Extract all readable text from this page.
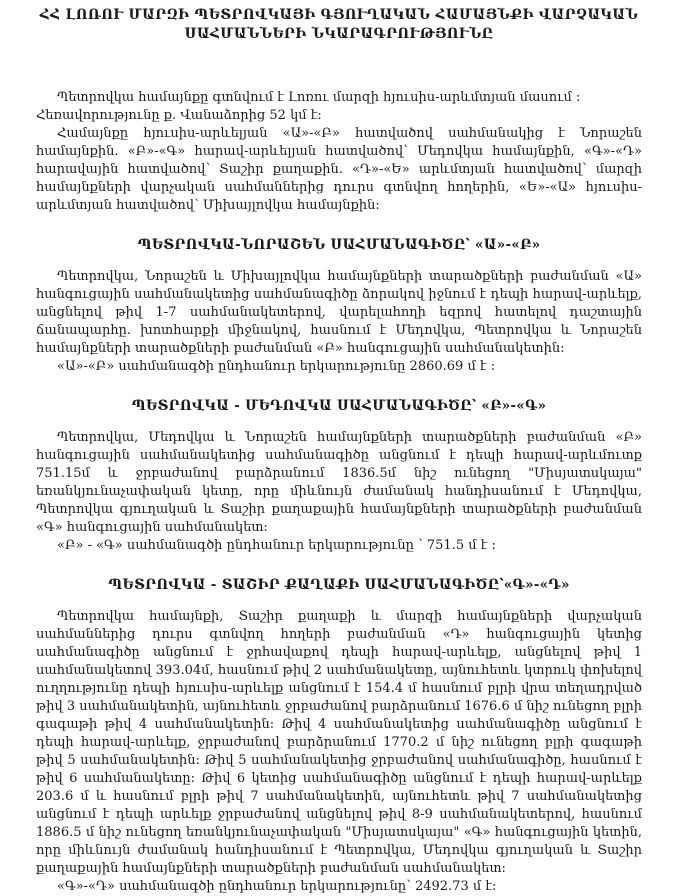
ՀՀ ԼՈՌՈՒ ՄԱՐԶԻ ՊԵՏՐՈՎԿԱՅԻ ԳՅՈՒՂԱԿԱՆ ՀԱՄԱՅՆՔԻ ՎԱՐՉԱԿԱՆ
ՍԱՀՄԱՆՆԵՐԻ ՆԿԱՐԱԳՐՈՒԹՅՈՒՆԸ

Պետրովկա համայնքը գտնվում է Լոռու մարզի հյուսիս-արևմտյան մասում :

Հեռավորությունը ք. Վանաձորից 52 կմ է:

Համայնքը հյուսիս-արևելյան «Ա»-«Բ» հատվածով սահմանակից է Նորաշեն համայնքին. «Բ»-«Գ» հարավ-արևելյան հատվածով՝ Մեդովկա համայնքին, «Գ»-«Դ» հարավային հատվածով՝ Տաշիր քաղաքին. «Դ»-«Ե» արևմտյան հատվածով՝ մարզի համայնքների վարչական սահմաններից դուրս գտնվող հողերին, «Ե»-«Ա» հյուսիս-արևմտյան հատվածով՝ Միխայլովկա համայնքին:

ՊԵՏՐՈՎԿԱ-ՆՈՐԱՇԵՆ ՍԱՀՄԱՆԱԳԻԾԸ՝ «Ա»-«Բ»

Պետրովկա, Նորաշեն և Միխայլովկա համայնքների տարածքների բաժանման «Ա» հանգուցային սահմանակետից սահմանագիծը ձորակով իջնում է դեպի հարավ-արևելք, անցնելով թիվ 1-7 սահմանակետերով, վարելահողի եզրով հատելով դաշտային ճանապարհը. խոտհարքի միջնակով, հասնում է Մեդովկա, Պետրովկա և Նորաշեն համայնքների տարածքների բաժանման «Բ» հանգուցային սահմանակետին:

«Ա»-«Բ» սահմանագծի ընդհանուր երկարությունը 2860.69 մ է :

ՊԵՏՐՈՎԿԱ - ՄԵԴՈՎԿԱ ՍԱՀՄԱՆԱԳԻԾԸ՝ «Բ»-«Գ»

Պետրովկա, Մեդովկա և Նորաշեն համայնքների տարածքների բաժանման «Բ» հանգուցային սահմանակետից սահմանագիծը անցնում է դեպի հարավ-արևմուտք 751.15մ և ջրբաժանով բարձրանում 1836.5մ նիշ ունեցող "Միսյատսկայա" եռանկյունաչափական կետը, որը միևնույն ժամանակ հանդիսանում է Մեդովկա, Պետրովկա գյուղական և Տաշիր քաղաքային համայնքների տարածքների բաժանման «Գ» հանգուցային սահմանակետ:

«Բ» - «Գ» սահմանագծի ընդհանուր երկարությունը ՝ 751.5 մ է :

ՊԵՏՐՈՎԿԱ - ՏԱՇԻՐ ՔԱՂԱՔԻ ՍԱՀՄԱՆԱԳԻԾԸ՝«Գ»-«Դ»

Պետրովկա համայնքի, Տաշիր քաղաքի և մարզի համայնքների վարչական սահմաններից դուրս գտնվող հողերի բաժանման «Դ» հանգուցային կետից սահմանագիծը անցնում է ջրհավաքով դեպի հարավ-արևելք, անցնելով թիվ 1 սահմանակետով 393.04մ, հասնում թիվ 2 սահմանակետը, այնուհետև կտրուկ փոխելով ուղղությունը դեպի հյուսիս-արևելք անցնում է 154.4 մ հասնում բլրի վրա տեղադրված թիվ 3 սահմանակետին, այնուհետև ջրբաժանով բարձրանում 1676.6 մ նիշ ունեցող բլրի գագաթի թիվ 4 սահմանակետին: Թիվ 4 սահմանակետից սահմանագիծը անցնում է դեպի հարավ-արևելք, ջրբաժանով բարձրանում 1770.2 մ նիշ ունեցող բլրի գագաթի թիվ 5 սահմանակետին: Թիվ 5 սահմանակետից ջրբաժանով սահմանագիծը, հասնում է թիվ 6 սահմանակետը: Թիվ 6 կետից սահմանագիծը անցնում է դեպի հարավ-արևելք 203.6 մ և հասնում բլրի թիվ 7 սահմանակետին, այնուհետև թիվ 7 սահմանակետից անցնում է դեպի արևելք ջրբաժանով անցնելով թիվ 8-9 սահմանակետերով, հասնում 1886.5 մ նիշ ունեցող եռանկյունաչափական "Միսյատսկայա" «Գ» հանգուցային կետին, որը միևնույն ժամանակ հանդիսանում է Պետրովկա, Մեդովկա գյուղական և Տաշիր քաղաքային համայնքների տարածքների բաժանման սահմանակետ:

«Գ»-«Դ» սահմանագծի ընդհանուր երկարությունը՝ 2492.73 մ է:
